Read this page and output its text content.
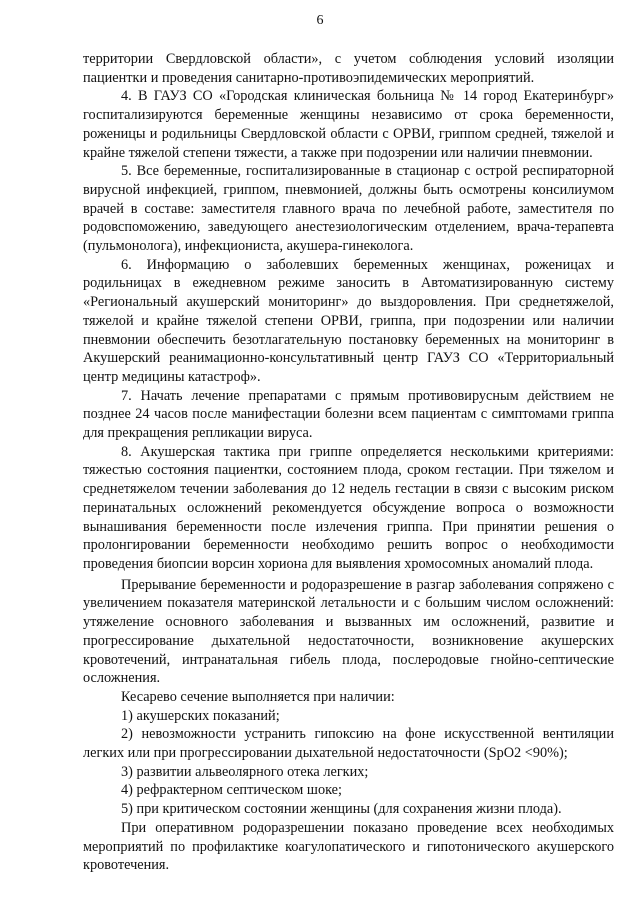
6

территории Свердловской области», с учетом соблюдения условий изоляции пациентки и проведения санитарно-противоэпидемических мероприятий.

4. В ГАУЗ СО «Городская клиническая больница № 14 город Екатеринбург» госпитализируются беременные женщины независимо от срока беременности, роженицы и родильницы Свердловской области с ОРВИ, гриппом средней, тяжелой и крайне тяжелой степени тяжести, а также при подозрении или наличии пневмонии.

5. Все беременные, госпитализированные в стационар с острой респираторной вирусной инфекцией, гриппом, пневмонией, должны быть осмотрены консилиумом врачей в составе: заместителя главного врача по лечебной работе, заместителя по родовспоможению, заведующего анестезиологическим отделением, врача-терапевта (пульмонолога), инфекциониста, акушера-гинеколога.

6. Информацию о заболевших беременных женщинах, роженицах и родильницах в ежедневном режиме заносить в Автоматизированную систему «Региональный акушерский мониторинг» до выздоровления. При среднетяжелой, тяжелой и крайне тяжелой степени ОРВИ, гриппа, при подозрении или наличии пневмонии обеспечить безотлагательную постановку беременных на мониторинг в Акушерский реанимационно-консультативный центр ГАУЗ СО «Территориальный центр медицины катастроф».

7. Начать лечение препаратами с прямым противовирусным действием не позднее 24 часов после манифестации болезни всем пациентам с симптомами гриппа для прекращения репликации вируса.

8. Акушерская тактика при гриппе определяется несколькими критериями: тяжестью состояния пациентки, состоянием плода, сроком гестации. При тяжелом и среднетяжелом течении заболевания до 12 недель гестации в связи с высоким риском перинатальных осложнений рекомендуется обсуждение вопроса о возможности вынашивания беременности после излечения гриппа. При принятии решения о пролонгировании беременности необходимо решить вопрос о необходимости проведения биопсии ворсин хориона для выявления хромосомных аномалий плода.

Прерывание беременности и родоразрешение в разгар заболевания сопряжено с увеличением показателя материнской летальности и с большим числом осложнений: утяжеление основного заболевания и вызванных им осложнений, развитие и прогрессирование дыхательной недостаточности, возникновение акушерских кровотечений, интранатальная гибель плода, послеродовые гнойно-септические осложнения.

Кесарево сечение выполняется при наличии:

1) акушерских показаний;

2) невозможности устранить гипоксию на фоне искусственной вентиляции легких или при прогрессировании дыхательной недостаточности (SpO2 <90%);

3) развитии альвеолярного отека легких;

4) рефрактерном септическом шоке;

5) при критическом состоянии женщины (для сохранения жизни плода).

При оперативном родоразрешении показано проведение всех необходимых мероприятий по профилактике коагулопатического и гипотонического акушерского кровотечения.
